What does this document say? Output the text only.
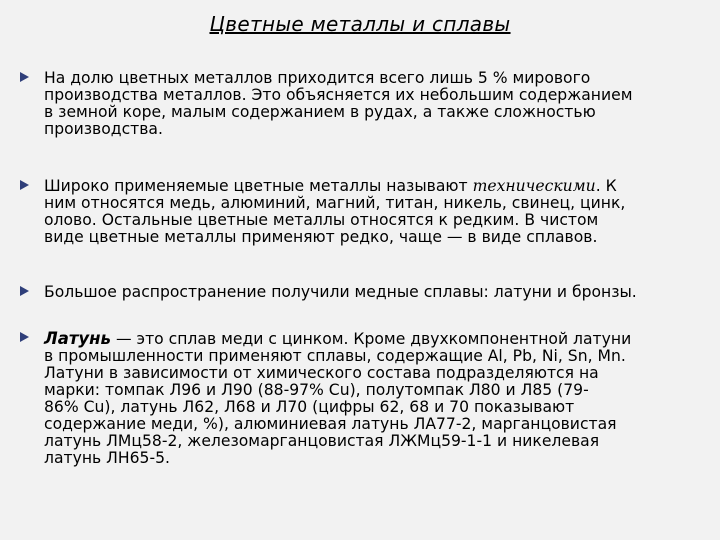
Цветные металлы и сплавы
На долю цветных металлов приходится всего лишь 5 % мирового
производства металлов. Это объясняется их небольшим содержанием
в земной коре, малым содержанием в рудах, а также сложностью
производства.
Широко применяемые цветные металлы называют техническими. К
ним относятся медь, алюминий, магний, титан, никель, свинец, цинк,
олово. Остальные цветные металлы относятся к редким. В чистом
виде цветные металлы применяют редко, чаще — в виде сплавов.
Большое распространение получили медные сплавы: латуни и бронзы.
Латунь — это сплав меди с цинком. Кроме двухкомпонентной латуни
в промышленности применяют сплавы, содержащие Al, Pb, Ni, Sn, Mn.
Латуни в зависимости от химического состава подразделяются на
марки: томпак Л96 и Л90 (88-97% Cu), полутомпак Л80 и Л85 (79-
86% Cu), латунь Л62, Л68 и Л70 (цифры 62, 68 и 70 показывают
содержание меди, %), алюминиевая латунь ЛА77-2, марганцовистая
латунь ЛМц58-2, железомарганцовистая ЛЖМц59-1-1 и никелевая
латунь ЛН65-5.
